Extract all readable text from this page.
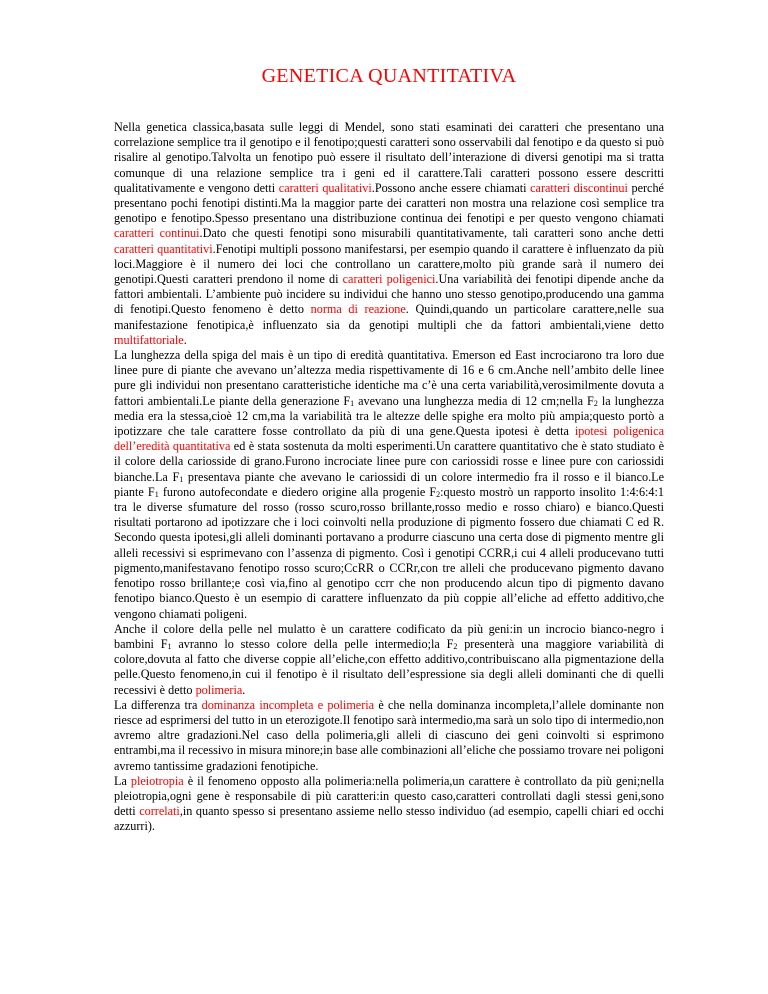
GENETICA QUANTITATIVA

Nella genetica classica,basata sulle leggi di Mendel, sono stati esaminati dei caratteri che presentano una correlazione semplice tra il genotipo e il fenotipo;questi caratteri sono osservabili dal fenotipo e da questo si può risalire al genotipo.Talvolta un fenotipo può essere il risultato dell’interazione di diversi genotipi ma si tratta comunque di una relazione semplice tra i geni ed il carattere.Tali caratteri possono essere descritti qualitativamente e vengono detti caratteri qualitativi.Possono anche essere chiamati caratteri discontinui perché presentano pochi fenotipi distinti.Ma la maggior parte dei caratteri non mostra una relazione così semplice tra genotipo e fenotipo.Spesso presentano una distribuzione continua dei fenotipi e per questo vengono chiamati caratteri continui.Dato che questi fenotipi sono misurabili quantitativamente, tali caratteri sono anche detti caratteri quantitativi.Fenotipi multipli possono manifestarsi, per esempio quando il carattere è influenzato da più loci.Maggiore è il numero dei loci che controllano un carattere,molto più grande sarà il numero dei genotipi.Questi caratteri prendono il nome di caratteri poligenici.Una variabilità dei fenotipi dipende anche da fattori ambientali. L’ambiente può incidere su individui che hanno uno stesso genotipo,producendo una gamma di fenotipi.Questo fenomeno è detto norma di reazione. Quindi,quando un particolare carattere,nelle sua manifestazione fenotipica,è influenzato sia da genotipi multipli che da fattori ambientali,viene detto multifattoriale.

La lunghezza della spiga del mais è un tipo di eredità quantitativa. Emerson ed East incrociarono tra loro due linee pure di piante che avevano un’altezza media rispettivamente di 16 e 6 cm.Anche nell’ambito delle linee pure gli individui non presentano caratteristiche identiche ma c’è una certa variabilità,verosimilmente dovuta a fattori ambientali.Le piante della generazione $F_1$ avevano una lunghezza media di 12 cm;nella $F_2$ la lunghezza media era la stessa,cioè 12 cm,ma la variabilità tra le altezze delle spighe era molto più ampia;questo portò a ipotizzare che tale carattere fosse controllato da più di una gene.Questa ipotesi è detta ipotesi poligenica dell’eredità quantitativa ed è stata sostenuta da molti esperimenti.Un carattere quantitativo che è stato studiato è il colore della cariosside di grano.Furono incrociate linee pure con cariossidi rosse e linee pure con cariossidi bianche.La $F_1$ presentava piante che avevano le cariossidi di un colore intermedio fra il rosso e il bianco.Le piante $F_1$ furono autofecondate e diedero origine alla progenie $F_2:questo$ mostrò un rapporto insolito 1:4:6:4:1 tra le diverse sfumature del rosso (rosso scuro,rosso brillante,rosso medio e rosso chiaro) e bianco.Questi risultati portarono ad ipotizzare che i loci coinvolti nella produzione di pigmento fossero due chiamati C ed R. Secondo questa ipotesi,gli alleli dominanti portavano a produrre ciascuno una certa dose di pigmento mentre gli alleli recessivi si esprimevano con l’assenza di pigmento. Così i genotipi CCRR,i cui 4 alleli producevano tutti pigmento,manifestavano fenotipo rosso scuro;CcRR o CCRr,con tre alleli che producevano pigmento davano fenotipo rosso brillante;e così via,fino al genotipo ccrr che non producendo alcun tipo di pigmento davano fenotipo bianco.Questo è un esempio di carattere influenzato da più coppie all’eliche ad effetto additivo,che vengono chiamati poligeni.

Anche il colore della pelle nel mulatto è un carattere codificato da più geni:in un incrocio bianco-negro i bambini $F_1$ avranno lo stesso colore della pelle intermedio;la $F_2$ presenterà una maggiore variabilità di colore,dovuta al fatto che diverse coppie all’eliche,con effetto additivo,contribuiscano alla pigmentazione della pelle.Questo fenomeno,in cui il fenotipo è il risultato dell’espressione sia degli alleli dominanti che di quelli recessivi è detto polimeria.

La differenza tra dominanza incompleta e polimeria è che nella dominanza incompleta,l’allele dominante non riesce ad esprimersi del tutto in un eterozigote.Il fenotipo sarà intermedio,ma sarà un solo tipo di intermedio,non avremo altre gradazioni.Nel caso della polimeria,gli alleli di ciascuno dei geni coinvolti si esprimono entrambi,ma il recessivo in misura minore;in base alle combinazioni all’eliche che possiamo trovare nei poligoni avremo tantissime gradazioni fenotipiche.

La pleiotropia è il fenomeno opposto alla polimeria:nella polimeria,un carattere è controllato da più geni;nella pleiotropia,ogni gene è responsabile di più caratteri:in questo caso,caratteri controllati dagli stessi geni,sono detti correlati,in quanto spesso si presentano assieme nello stesso individuo (ad esempio, capelli chiari ed occhi azzurri).
